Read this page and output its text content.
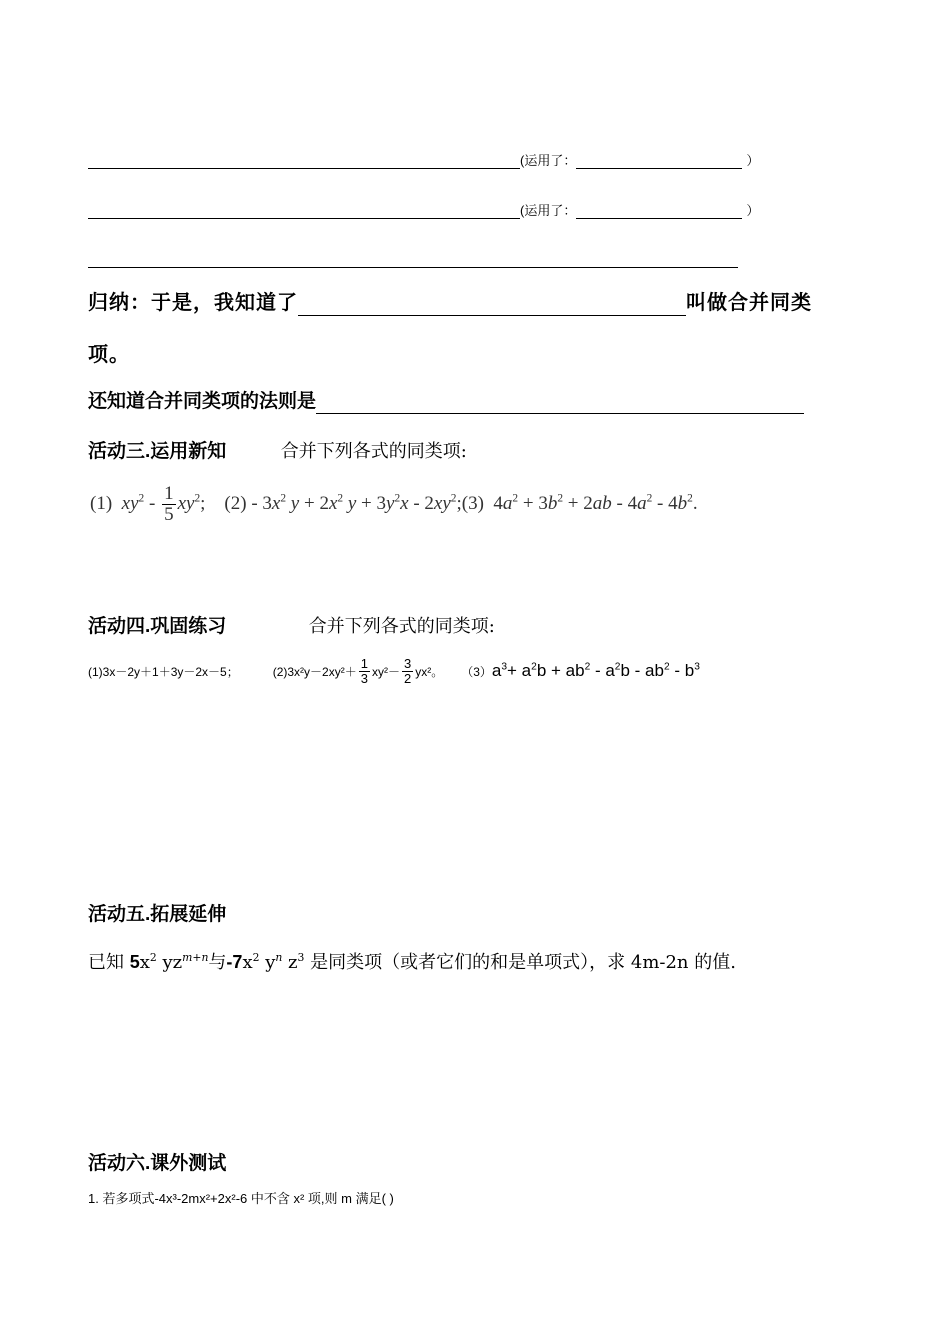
(运用了：	）
(运用了：	）
归纳：于是，我知道了	叫做合并同类
项。
还知道合并同类项的法则是
活动三.运用新知	合并下列各式的同类项:
(1) $xy^2 - \frac{1}{5} xy^2$;    $(2) - 3x^2$ $y + 2x^2$ $y + 3y^2x$ - $2xy^2;(3) 4a^2 + 3b^2 + 2ab - 4a^2 - 4b^2$.
活动四.巩固练习	合并下列各式的同类项:
(1)3x－2y＋1＋3y－2x－5；	$(2)3x^2y-2xy^2+ \frac{1}{3} xy^2- \frac{3}{2} yx^2$。 （3） $a^3+ a^2b + ab^2 - a^2b - ab^2 - b^3$
活动五.拓展延伸
已知 $5x^2$ $yz^{m+n}$与$-7x^2$ $y^n$ $z^3$ 是同类项（或者它们的和是单项式），求 4m-2n 的值.
活动六.课外测试
1. 若多项式-4x³-2mx²+2x²-6 中不含 x² 项,则 m 满足( )
